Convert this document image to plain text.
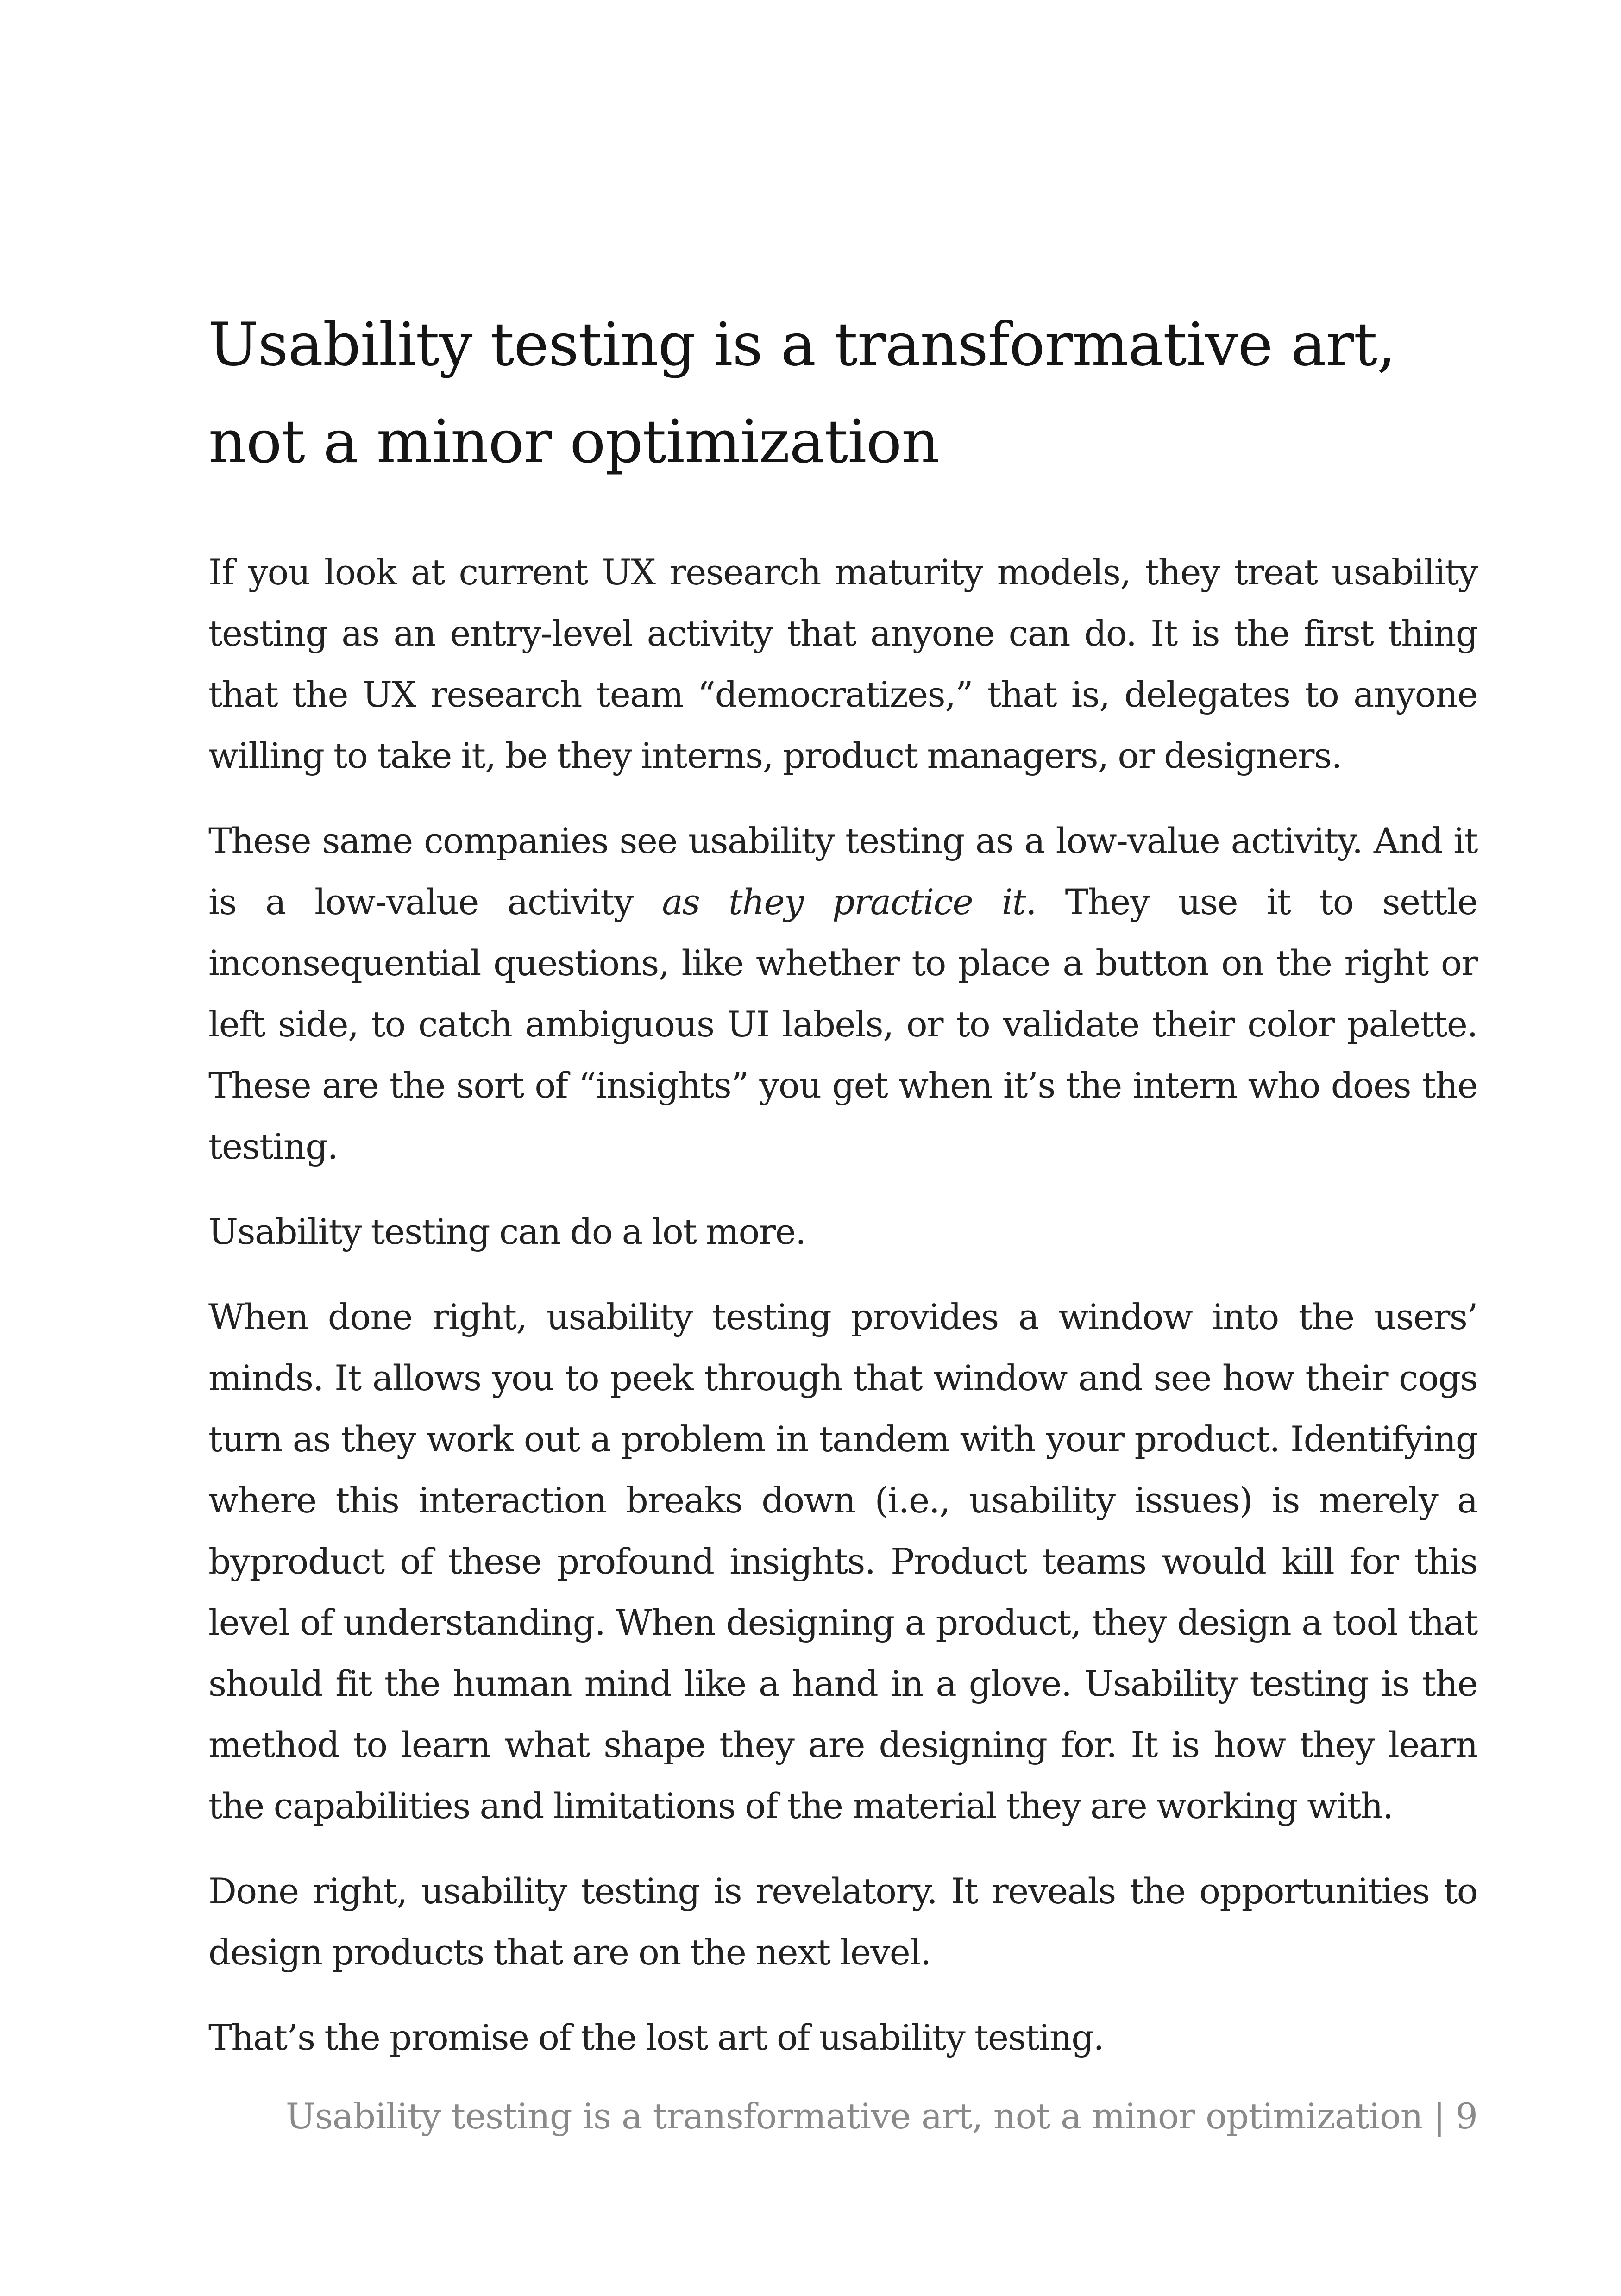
Usability testing is a transformative art,
not a minor optimization

If you look at current UX research maturity models, they treat usability testing as an entry-level activity that anyone can do. It is the first thing that the UX research team “democratizes,” that is, delegates to anyone willing to take it, be they interns, product managers, or designers.

These same companies see usability testing as a low-value activity. And it is a low-value activity as they practice it. They use it to settle inconsequential questions, like whether to place a button on the right or left side, to catch ambiguous UI labels, or to validate their color palette. These are the sort of “insights” you get when it’s the intern who does the testing.

Usability testing can do a lot more.

When done right, usability testing provides a window into the users’ minds. It allows you to peek through that window and see how their cogs turn as they work out a problem in tandem with your product. Identifying where this interaction breaks down (i.e., usability issues) is merely a byproduct of these profound insights. Product teams would kill for this level of understanding. When designing a product, they design a tool that should fit the human mind like a hand in a glove. Usability testing is the method to learn what shape they are designing for. It is how they learn the capabilities and limitations of the material they are working with.

Done right, usability testing is revelatory. It reveals the opportunities to design products that are on the next level.

That’s the promise of the lost art of usability testing.

Usability testing is a transformative art, not a minor optimization | 9
